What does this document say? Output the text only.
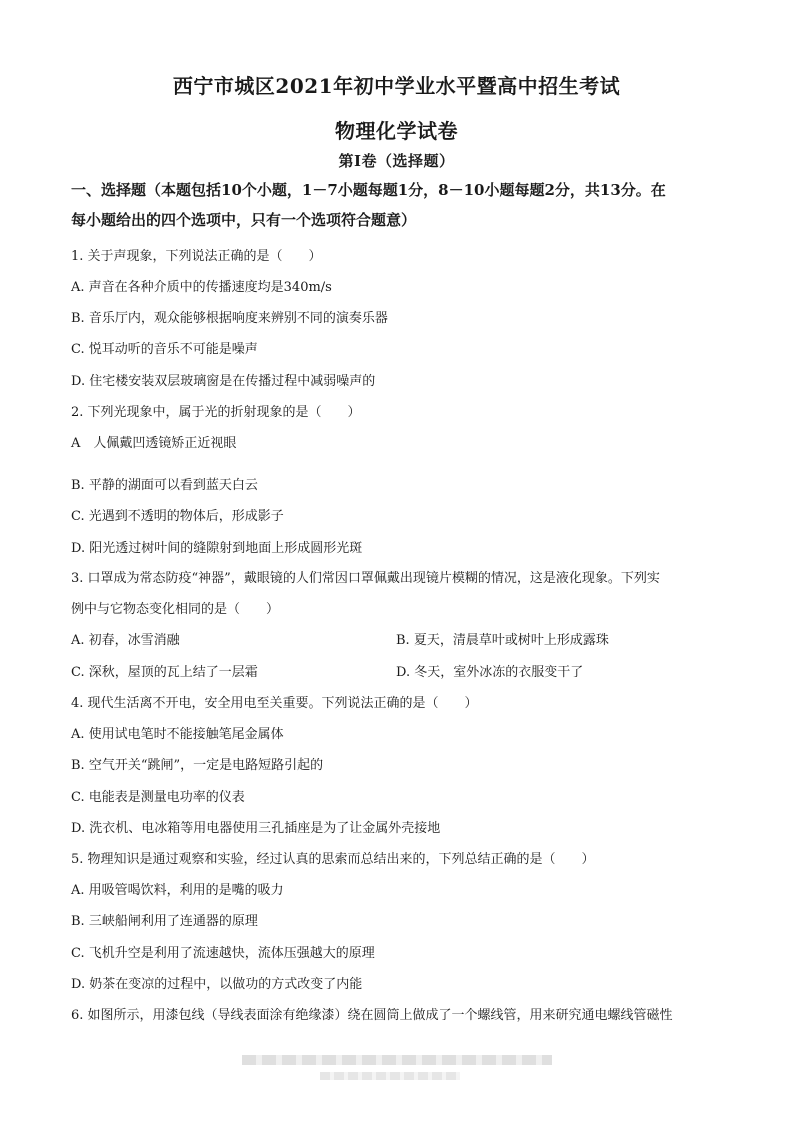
西宁市城区2021年初中学业水平暨高中招生考试
物理化学试卷
第Ⅰ卷（选择题）
一、选择题（本题包括10个小题，1－7小题每题1分，8－10小题每题2分，共13分。在
每小题给出的四个选项中，只有一个选项符合题意）
1. 关于声现象，下列说法正确的是（　　）
A. 声音在各种介质中的传播速度均是340m/s
B. 音乐厅内，观众能够根据响度来辨别不同的演奏乐器
C. 悦耳动听的音乐不可能是噪声
D. 住宅楼安装双层玻璃窗是在传播过程中减弱噪声的
2. 下列光现象中，属于光的折射现象的是（　　）
A　人佩戴凹透镜矫正近视眼
B. 平静的湖面可以看到蓝天白云
C. 光遇到不透明的物体后，形成影子
D. 阳光透过树叶间的缝隙射到地面上形成圆形光斑
3. 口罩成为常态防疫“神器”，戴眼镜的人们常因口罩佩戴出现镜片模糊的情况，这是液化现象。下列实
例中与它物态变化相同的是（　　）
A. 初春，冰雪消融	B. 夏天，清晨草叶或树叶上形成露珠
C. 深秋，屋顶的瓦上结了一层霜	D. 冬天，室外冰冻的衣服变干了
4. 现代生活离不开电，安全用电至关重要。下列说法正确的是（　　）
A. 使用试电笔时不能接触笔尾金属体
B. 空气开关“跳闸”，一定是电路短路引起的
C. 电能表是测量电功率的仪表
D. 洗衣机、电冰箱等用电器使用三孔插座是为了让金属外壳接地
5. 物理知识是通过观察和实验，经过认真的思索而总结出来的，下列总结正确的是（　　）
A. 用吸管喝饮料，利用的是嘴的吸力
B. 三峡船闸利用了连通器的原理
C. 飞机升空是利用了流速越快，流体压强越大的原理
D. 奶茶在变凉的过程中，以做功的方式改变了内能
6. 如图所示，用漆包线（导线表面涂有绝缘漆）绕在圆筒上做成了一个螺线管，用来研究通电螺线管磁性
